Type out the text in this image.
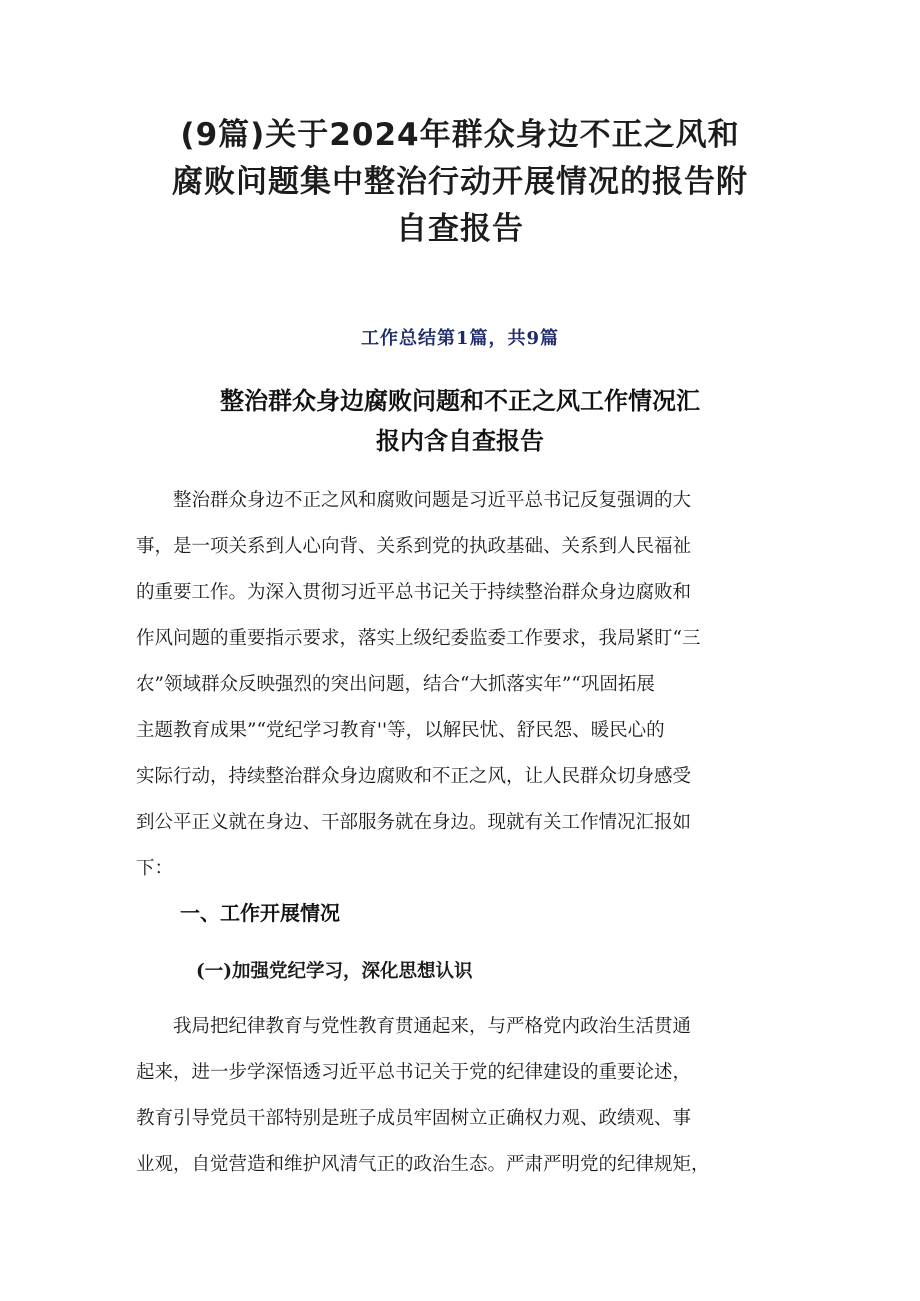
(9篇)关于2024年群众身边不正之风和
腐败问题集中整治行动开展情况的报告附
自查报告
工作总结第1篇，共9篇
整治群众身边腐败问题和不正之风工作情况汇
报内含自查报告

　　整治群众身边不正之风和腐败问题是习近平总书记反复强调的大
事，是一项关系到人心向背、关系到党的执政基础、关系到人民福祉
的重要工作。为深入贯彻习近平总书记关于持续整治群众身边腐败和
作风问题的重要指示要求，落实上级纪委监委工作要求，我局紧盯“三
农”领域群众反映强烈的突出问题，结合“大抓落实年”“巩固拓展
主题教育成果”“党纪学习教育''等，以解民忧、舒民怨、暖民心的
实际行动，持续整治群众身边腐败和不正之风，让人民群众切身感受
到公平正义就在身边、干部服务就在身边。现就有关工作情况汇报如
下：

一、工作开展情况
(一)加强党纪学习，深化思想认识

　　我局把纪律教育与党性教育贯通起来，与严格党内政治生活贯通
起来，进一步学深悟透习近平总书记关于党的纪律建设的重要论述，
教育引导党员干部特别是班子成员牢固树立正确权力观、政绩观、事
业观，自觉营造和维护风清气正的政治生态。严肃严明党的纪律规矩，
